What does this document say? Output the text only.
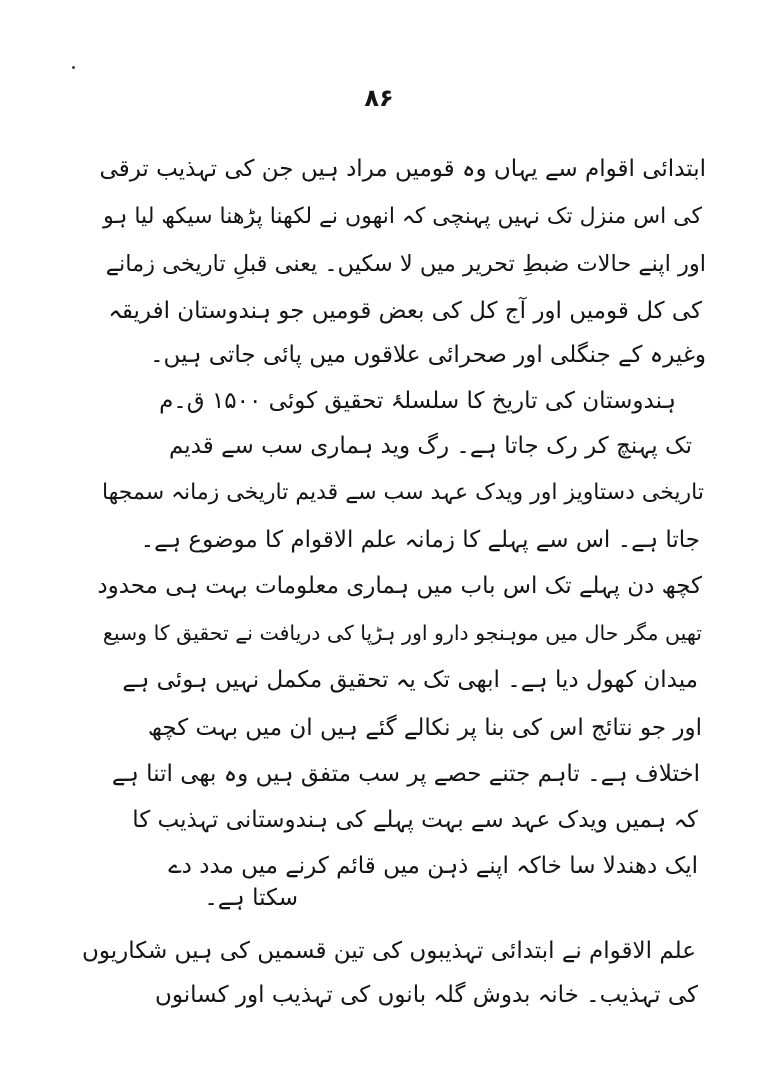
۸۶
ابتدائی اقوام سے یہاں وہ قومیں مراد ہیں جن کی تہذیب ترقی
کی اس منزل تک نہیں پہنچی کہ انھوں نے لکھنا پڑھنا سیکھ لیا ہو
اور اپنے حالات ضبطِ تحریر میں لا سکیں۔ یعنی قبلِ تاریخی زمانے
کی کل قومیں اور آج کل کی بعض قومیں جو ہندوستان افریقہ
وغیرہ کے جنگلی اور صحرائی علاقوں میں پائی جاتی ہیں۔
ہندوستان کی تاریخ کا سلسلۂ تحقیق کوئی ۱۵۰۰ ق۔م
تک پہنچ کر رک جاتا ہے۔ رگ وید ہماری سب سے قدیم
تاریخی دستاویز اور ویدک عہد سب سے قدیم تاریخی زمانہ سمجھا
جاتا ہے۔ اس سے پہلے کا زمانہ علم الاقوام کا موضوع ہے۔
کچھ دن پہلے تک اس باب میں ہماری معلومات بہت ہی محدود
تھیں مگر حال میں موہنجو دارو اور ہڑپا کی دریافت نے تحقیق کا وسیع
میدان کھول دیا ہے۔ ابھی تک یہ تحقیق مکمل نہیں ہوئی ہے
اور جو نتائج اس کی بنا پر نکالے گئے ہیں ان میں بہت کچھ
اختلاف ہے۔ تاہم جتنے حصے پر سب متفق ہیں وہ بھی اتنا ہے
کہ ہمیں ویدک عہد سے بہت پہلے کی ہندوستانی تہذیب کا
ایک دھندلا سا خاکہ اپنے ذہن میں قائم کرنے میں مدد دے
سکتا ہے۔
علم الاقوام نے ابتدائی تہذیبوں کی تین قسمیں کی ہیں شکاریوں
کی تہذیب۔ خانہ بدوش گلہ بانوں کی تہذیب اور کسانوں
